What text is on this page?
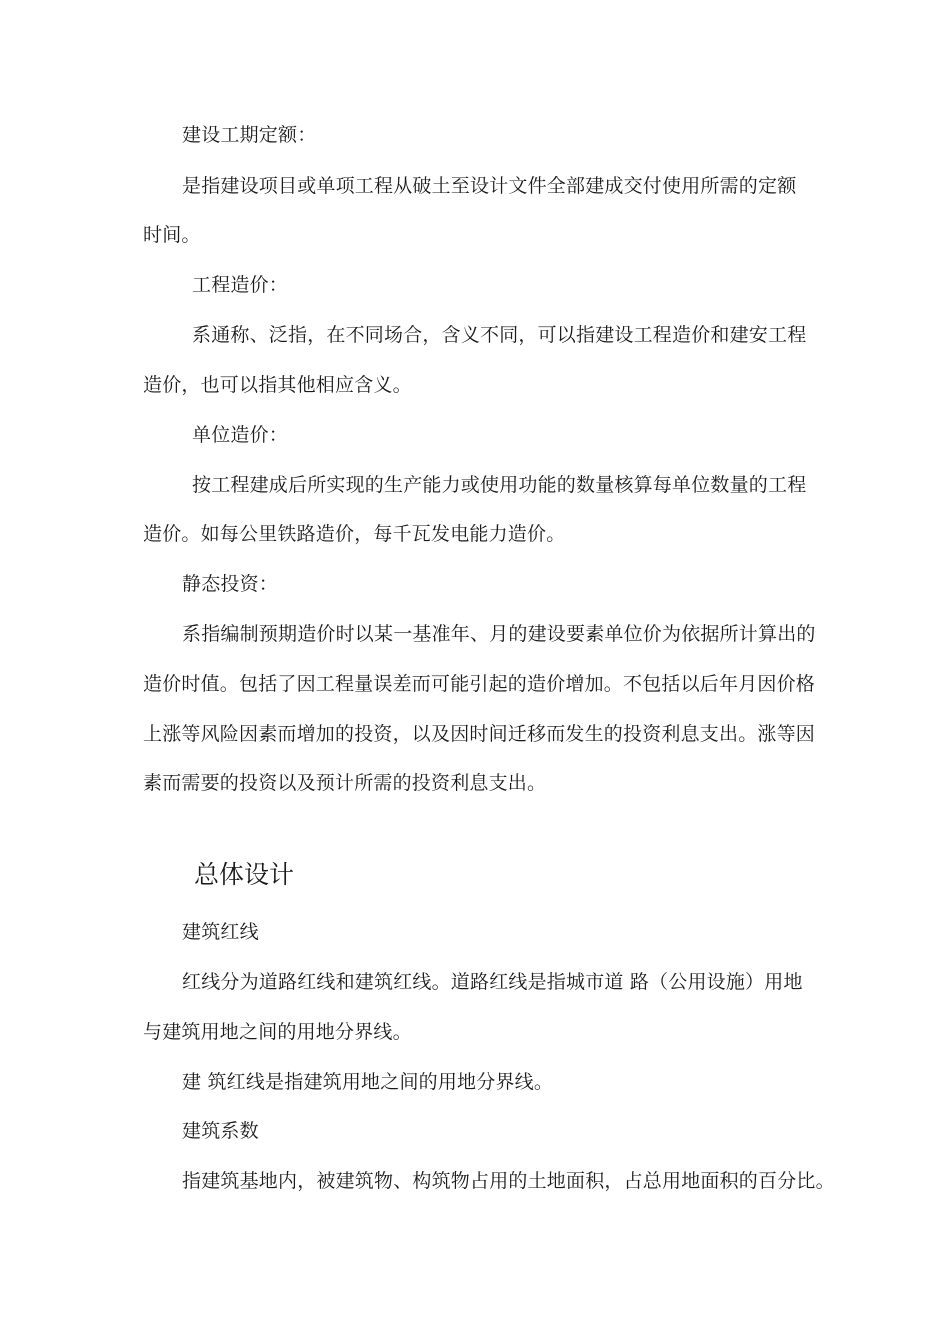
建设工期定额：
是指建设项目或单项工程从破土至设计文件全部建成交付使用所需的定额
时间。
工程造价：
系通称、泛指，在不同场合，含义不同，可以指建设工程造价和建安工程
造价，也可以指其他相应含义。
单位造价：
按工程建成后所实现的生产能力或使用功能的数量核算每单位数量的工程
造价。如每公里铁路造价，每千瓦发电能力造价。
静态投资：
系指编制预期造价时以某一基准年、月的建设要素单位价为依据所计算出的
造价时值。包括了因工程量误差而可能引起的造价增加。不包括以后年月因价格
上涨等风险因素而增加的投资，以及因时间迁移而发生的投资利息支出。涨等因
素而需要的投资以及预计所需的投资利息支出。
总体设计
建筑红线
红线分为道路红线和建筑红线。道路红线是指城市道 路（公用设施）用地
与建筑用地之间的用地分界线。
建 筑红线是指建筑用地之间的用地分界线。
建筑系数
指建筑基地内，被建筑物、构筑物占用的土地面积，占总用地面积的百分比。
